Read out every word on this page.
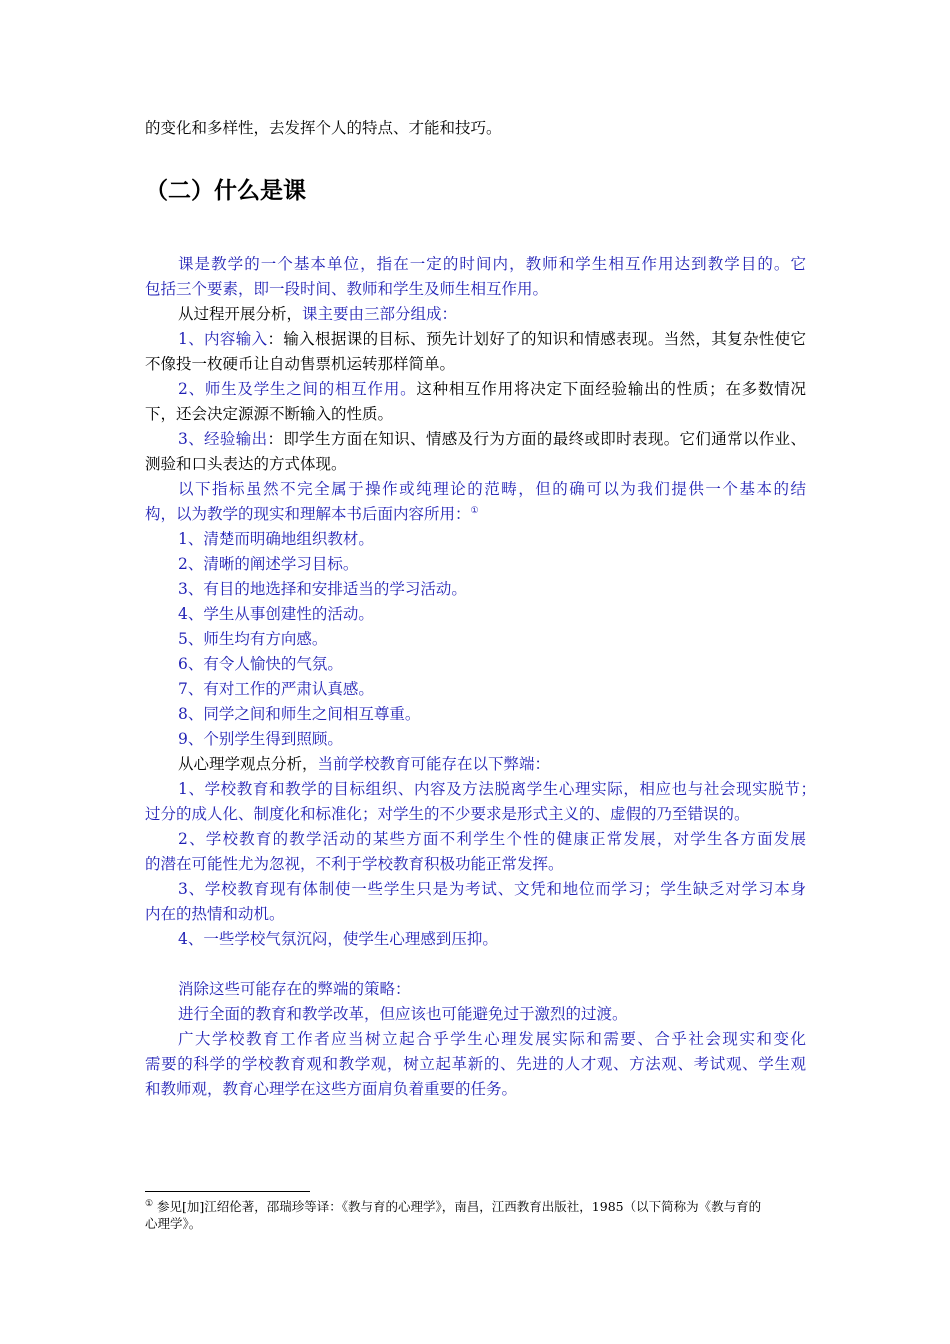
的变化和多样性，去发挥个人的特点、才能和技巧。
（二）什么是课
课是教学的一个基本单位，指在一定的时间内，教师和学生相互作用达到教学目的。它
包括三个要素，即一段时间、教师和学生及师生相互作用。
从过程开展分析，课主要由三部分组成：
1、内容输入：输入根据课的目标、预先计划好了的知识和情感表现。当然，其复杂性使它
不像投一枚硬币让自动售票机运转那样简单。
2、师生及学生之间的相互作用。这种相互作用将决定下面经验输出的性质；在多数情况
下，还会决定源源不断输入的性质。
3、经验输出：即学生方面在知识、情感及行为方面的最终或即时表现。它们通常以作业、
测验和口头表达的方式体现。
以下指标虽然不完全属于操作或纯理论的范畴，但的确可以为我们提供一个基本的结
构，以为教学的现实和理解本书后面内容所用：①
1、清楚而明确地组织教材。
2、清晰的阐述学习目标。
3、有目的地选择和安排适当的学习活动。
4、学生从事创建性的活动。
5、师生均有方向感。
6、有令人愉快的气氛。
7、有对工作的严肃认真感。
8、同学之间和师生之间相互尊重。
9、个别学生得到照顾。
从心理学观点分析，当前学校教育可能存在以下弊端：
1、学校教育和教学的目标组织、内容及方法脱离学生心理实际，相应也与社会现实脱节；
过分的成人化、制度化和标准化；对学生的不少要求是形式主义的、虚假的乃至错误的。
2、学校教育的教学活动的某些方面不利学生个性的健康正常发展，对学生各方面发展
的潜在可能性尤为忽视，不利于学校教育积极功能正常发挥。
3、学校教育现有体制使一些学生只是为考试、文凭和地位而学习；学生缺乏对学习本身
内在的热情和动机。
4、一些学校气氛沉闷，使学生心理感到压抑。
消除这些可能存在的弊端的策略：
进行全面的教育和教学改革，但应该也可能避免过于激烈的过渡。
广大学校教育工作者应当树立起合乎学生心理发展实际和需要、合乎社会现实和变化
需要的科学的学校教育观和教学观，树立起革新的、先进的人才观、方法观、考试观、学生观
和教师观，教育心理学在这些方面肩负着重要的任务。
① 参见[加]江绍伦著，邵瑞珍等译：《教与育的心理学》，南昌，江西教育出版社，1985（以下简称为《教与育的
心理学》。
